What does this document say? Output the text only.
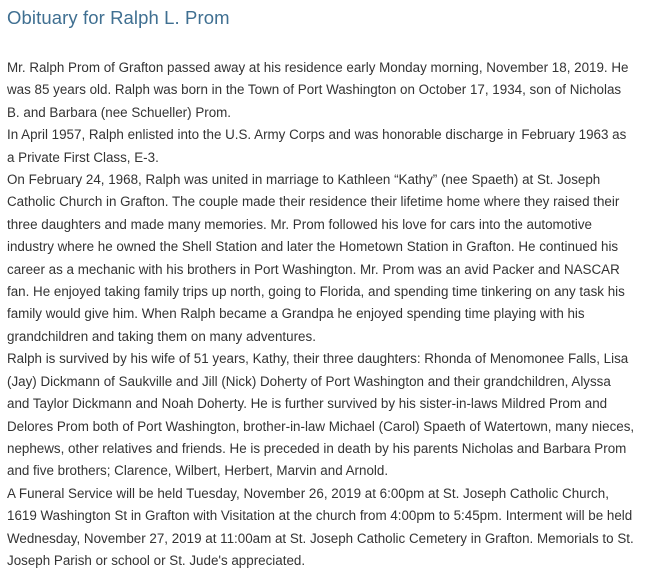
Obituary for Ralph L. Prom

Mr. Ralph Prom of Grafton passed away at his residence early Monday morning, November 18, 2019. He was 85 years old. Ralph was born in the Town of Port Washington on October 17, 1934, son of Nicholas B. and Barbara (nee Schueller) Prom.

In April 1957, Ralph enlisted into the U.S. Army Corps and was honorable discharge in February 1963 as a Private First Class, E-3.

On February 24, 1968, Ralph was united in marriage to Kathleen “Kathy” (nee Spaeth) at St. Joseph Catholic Church in Grafton. The couple made their residence their lifetime home where they raised their three daughters and made many memories. Mr. Prom followed his love for cars into the automotive industry where he owned the Shell Station and later the Hometown Station in Grafton. He continued his career as a mechanic with his brothers in Port Washington. Mr. Prom was an avid Packer and NASCAR fan. He enjoyed taking family trips up north, going to Florida, and spending time tinkering on any task his family would give him. When Ralph became a Grandpa he enjoyed spending time playing with his grandchildren and taking them on many adventures.

Ralph is survived by his wife of 51 years, Kathy, their three daughters: Rhonda of Menomonee Falls, Lisa (Jay) Dickmann of Saukville and Jill (Nick) Doherty of Port Washington and their grandchildren, Alyssa and Taylor Dickmann and Noah Doherty. He is further survived by his sister-in-laws Mildred Prom and Delores Prom both of Port Washington, brother-in-law Michael (Carol) Spaeth of Watertown, many nieces, nephews, other relatives and friends. He is preceded in death by his parents Nicholas and Barbara Prom and five brothers; Clarence, Wilbert, Herbert, Marvin and Arnold.

A Funeral Service will be held Tuesday, November 26, 2019 at 6:00pm at St. Joseph Catholic Church, 1619 Washington St in Grafton with Visitation at the church from 4:00pm to 5:45pm. Interment will be held Wednesday, November 27, 2019 at 11:00am at St. Joseph Catholic Cemetery in Grafton. Memorials to St. Joseph Parish or school or St. Jude's appreciated.
